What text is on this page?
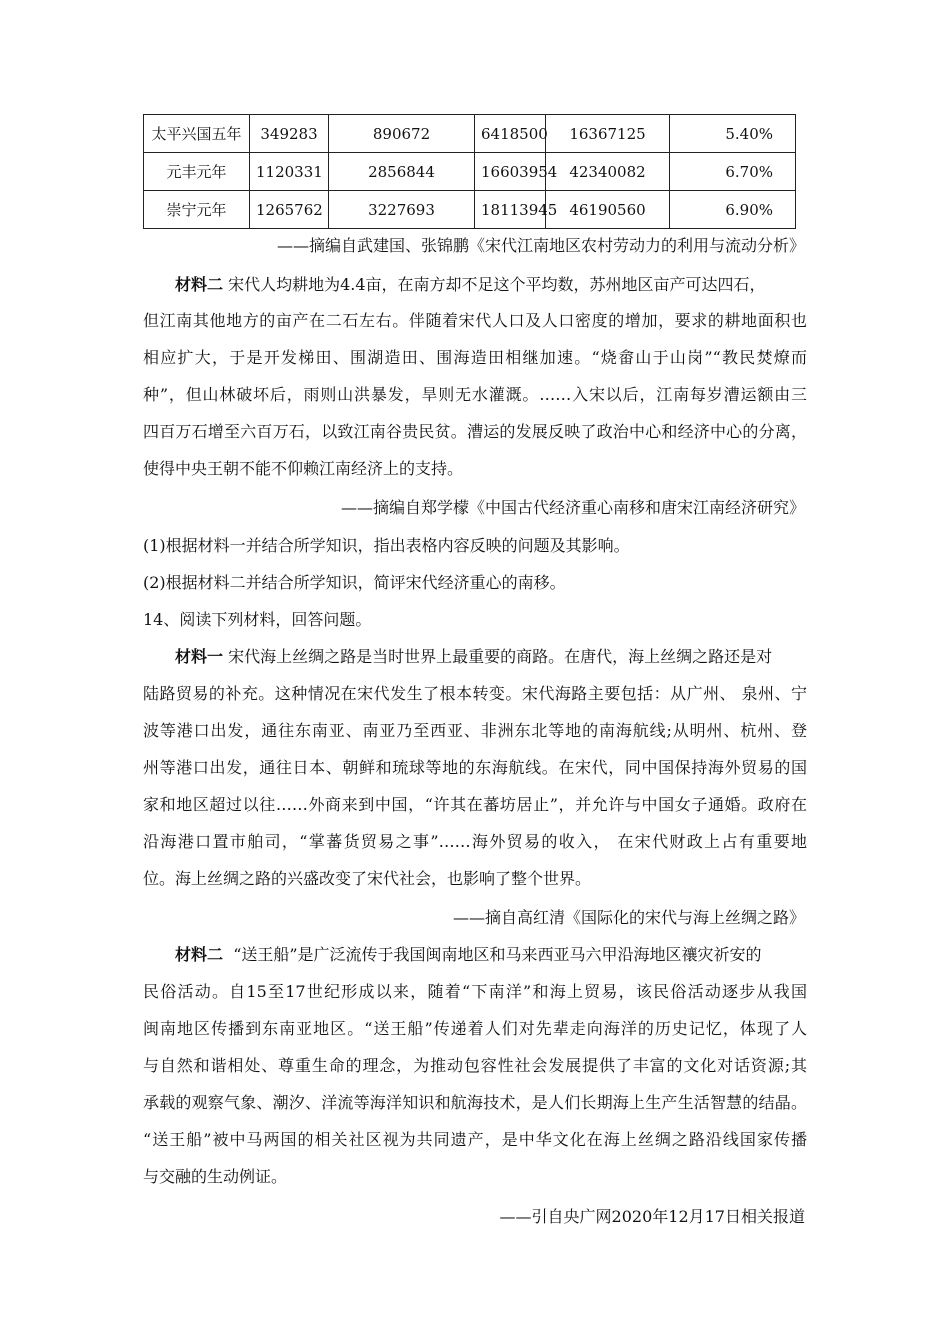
太平兴国五年	349283	890672	6418500	16367125	5.40%
元丰元年	1120331	2856844	16603954	42340082	6.70%
崇宁元年	1265762	3227693	18113945	46190560	6.90%
——摘编自武建国、张锦鹏《宋代江南地区农村劳动力的利用与流动分析》
材料二 宋代人均耕地为4.4亩，在南方却不足这个平均数，苏州地区亩产可达四石，
但江南其他地方的亩产在二石左右。伴随着宋代人口及人口密度的增加，要求的耕地面积也
相应扩大，于是开发梯田、围湖造田、围海造田相继加速。“烧畲山于山岗”“教民焚燎而
种”，但山林破坏后，雨则山洪暴发，旱则无水灌溉。……入宋以后，江南每岁漕运额由三
四百万石增至六百万石，以致江南谷贵民贫。漕运的发展反映了政治中心和经济中心的分离，
使得中央王朝不能不仰赖江南经济上的支持。
——摘编自郑学檬《中国古代经济重心南移和唐宋江南经济研究》
(1)根据材料一并结合所学知识，指出表格内容反映的问题及其影响。
(2)根据材料二并结合所学知识，简评宋代经济重心的南移。
14、阅读下列材料，回答问题。
材料一 宋代海上丝绸之路是当时世界上最重要的商路。在唐代，海上丝绸之路还是对
陆路贸易的补充。这种情况在宋代发生了根本转变。宋代海路主要包括：从广州、 泉州、宁
波等港口出发，通往东南亚、南亚乃至西亚、非洲东北等地的南海航线;从明州、杭州、登
州等港口出发，通往日本、朝鲜和琉球等地的东海航线。在宋代，同中国保持海外贸易的国
家和地区超过以往……外商来到中国，“许其在蕃坊居止”，并允许与中国女子通婚。政府在
沿海港口置市舶司，“掌蕃货贸易之事”……海外贸易的收入， 在宋代财政上占有重要地
位。海上丝绸之路的兴盛改变了宋代社会，也影响了整个世界。
——摘自高红清《国际化的宋代与海上丝绸之路》
材料二 “送王船”是广泛流传于我国闽南地区和马来西亚马六甲沿海地区禳灾祈安的
民俗活动。自15至17世纪形成以来，随着“下南洋”和海上贸易，该民俗活动逐步从我国
闽南地区传播到东南亚地区。“送王船”传递着人们对先辈走向海洋的历史记忆，体现了人
与自然和谐相处、尊重生命的理念，为推动包容性社会发展提供了丰富的文化对话资源;其
承载的观察气象、潮汐、洋流等海洋知识和航海技术，是人们长期海上生产生活智慧的结晶。
“送王船”被中马两国的相关社区视为共同遗产，是中华文化在海上丝绸之路沿线国家传播
与交融的生动例证。
——引自央广网2020年12月17日相关报道
